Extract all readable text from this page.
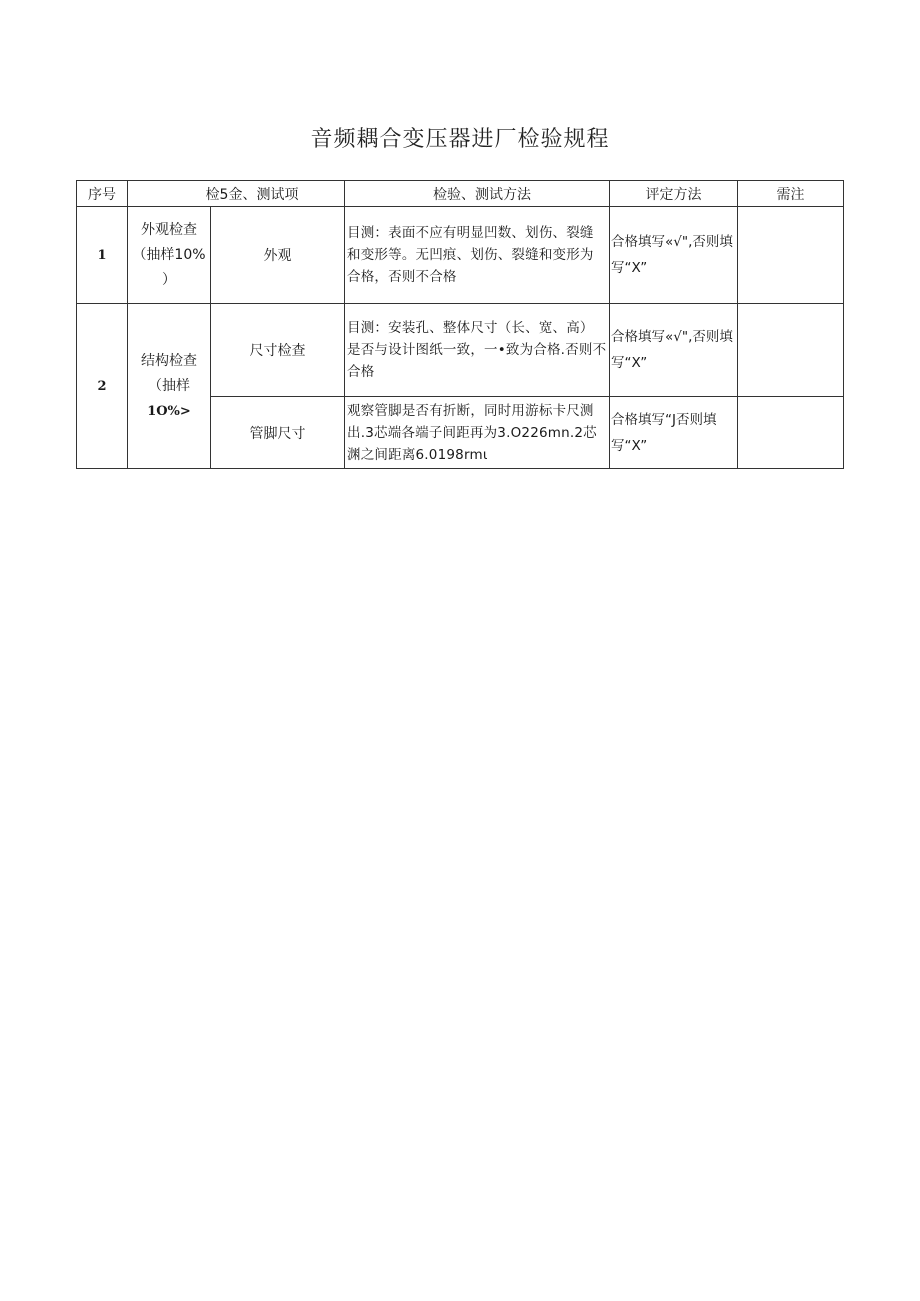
音频耦合变压器进厂检验规程
序号	检5金、测试项		检验、测试方法	评定方法	需注
1	外观检查
（抽样10%
）	外观	目测：表面不应有明显凹数、划伤、裂缝和变形等。无凹痕、划伤、裂缝和变形为合格，否则不合格	合格填写«√",否则填写“X”	
2	结构检查
（抽样
1O%>	尺寸检查	目测：安装孔、整体尺寸（长、宽、高）是否与设计图纸一致，一•致为合格.否则不合格	合格填写«√",否则填写“X”	
		管脚尺寸	观察管脚是否有折断，同时用游标卡尺测出.3芯端各端子间距再为3.O226mn.2芯渊之间距离6.0198rmι	合格填写“J否则填写“X”	
